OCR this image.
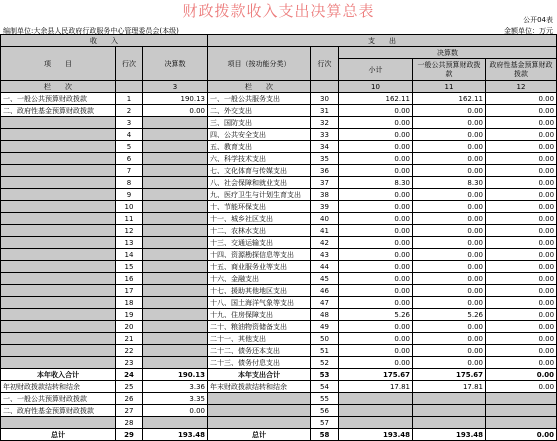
财政拨款收入支出决算总表	公开04表
编制单位:大余县人民政府行政服务中心管理委员会(本级)	金额单位：万元
收　　入			支　　出				
项　　目	行次	决算数	项目（按功能分类）	行次	决算数		
					小计	一般公共预算财政拨款	政府性基金预算财政拨款
栏　　次		3	栏　　次		10	11	12
一、一般公共预算财政拨款	1	190.13	一、一般公共服务支出	30	162.11	162.11	0.00
二、政府性基金预算财政拨款	2	0.00	二、外交支出	31	0.00	0.00	0.00
	3		三、国防支出	32	0.00	0.00	0.00
	4		四、公共安全支出	33	0.00	0.00	0.00
	5		五、教育支出	34	0.00	0.00	0.00
	6		六、科学技术支出	35	0.00	0.00	0.00
	7		七、文化体育与传媒支出	36	0.00	0.00	0.00
	8		八、社会保障和就业支出	37	8.30	8.30	0.00
	9		九、医疗卫生与计划生育支出	38	0.00	0.00	0.00
	10		十、节能环保支出	39	0.00	0.00	0.00
	11		十一、城乡社区支出	40	0.00	0.00	0.00
	12		十二、农林水支出	41	0.00	0.00	0.00
	13		十三、交通运输支出	42	0.00	0.00	0.00
	14		十四、资源勘探信息等支出	43	0.00	0.00	0.00
	15		十五、商业服务业等支出	44	0.00	0.00	0.00
	16		十六、金融支出	45	0.00	0.00	0.00
	17		十七、援助其他地区支出	46	0.00	0.00	0.00
	18		十八、国土海洋气象等支出	47	0.00	0.00	0.00
	19		十九、住房保障支出	48	5.26	5.26	0.00
	20		二十、粮油物资储备支出	49	0.00	0.00	0.00
	21		二十一、其他支出	50	0.00	0.00	0.00
	22		二十二、债务还本支出	51	0.00	0.00	0.00
	23		二十三、债务付息支出	52	0.00	0.00	0.00
本年收入合计	24	190.13	本年支出合计	53	175.67	175.67	0.00
年初财政拨款结转和结余	25	3.36	年末财政拨款结转和结余	54	17.81	17.81	0.00
一、一般公共预算财政拨款	26	3.35		55			
二、政府性基金预算财政拨款	27	0.00		56			
	28			57			
总计	29	193.48	总计	58	193.48	193.48	0.00
